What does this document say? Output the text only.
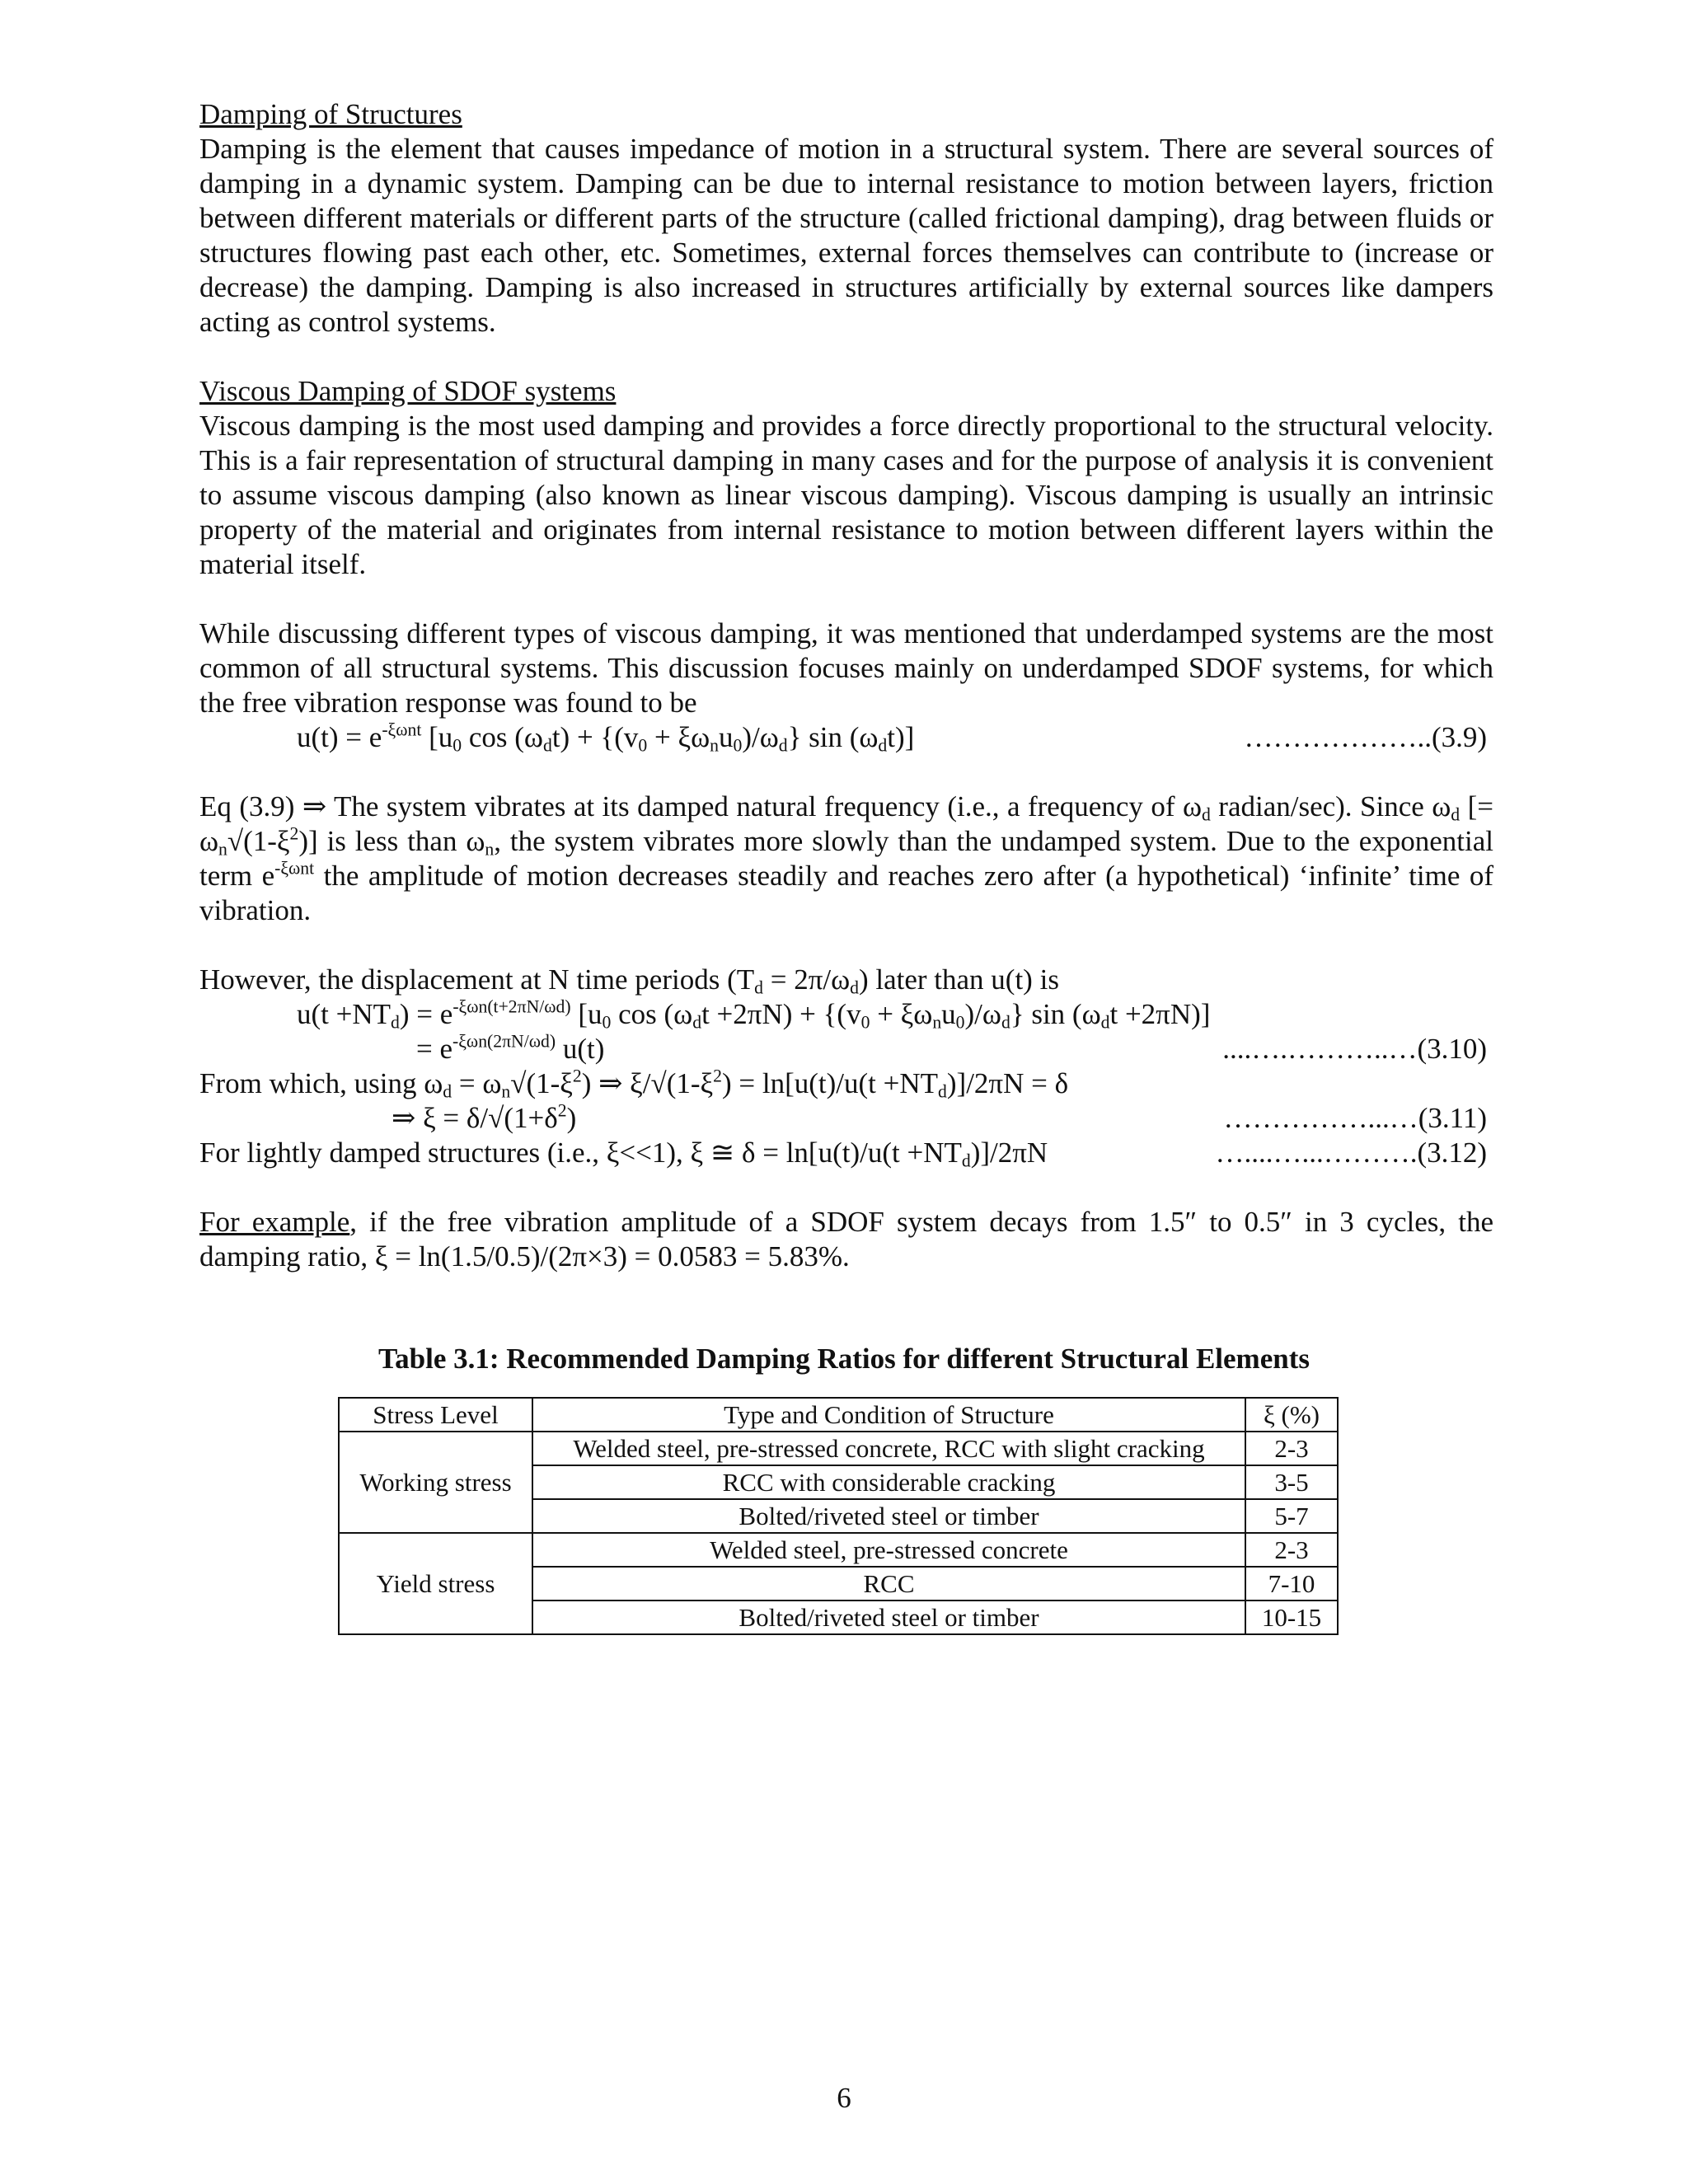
Damping of Structures

Damping is the element that causes impedance of motion in a structural system. There are several sources of damping in a dynamic system. Damping can be due to internal resistance to motion between layers, friction between different materials or different parts of the structure (called frictional damping), drag between fluids or structures flowing past each other, etc. Sometimes, external forces themselves can contribute to (increase or decrease) the damping. Damping is also increased in structures artificially by external sources like dampers acting as control systems.

Viscous Damping of SDOF systems

Viscous damping is the most used damping and provides a force directly proportional to the structural velocity. This is a fair representation of structural damping in many cases and for the purpose of analysis it is convenient to assume viscous damping (also known as linear viscous damping). Viscous damping is usually an intrinsic property of the material and originates from internal resistance to motion between different layers within the material itself.

While discussing different types of viscous damping, it was mentioned that underdamped systems are the most common of all structural systems. This discussion focuses mainly on underdamped SDOF systems, for which the free vibration response was found to be

$u(t) = e^{-\xi\omega nt}$ [$u_0$ $\cos (\omega_dt) + \{(v_0 + \xi\omega_nu_0)/\omega_d\}$ $\sin (\omega_dt)$]	………………..(3.9)

Eq (3.9) ⇒ The system vibrates at its damped natural frequency (i.e., a frequency of $\omega_d$ radian/sec). Since $\omega_d$ [= $\omega_n√(1-\xi^2)$] is less than $\omega_n$, the system vibrates more slowly than the undamped system. Due to the exponential term $e^{-\xi\omega nt}$ the amplitude of motion decreases steadily and reaches zero after (a hypothetical) ‘infinite’ time of vibration.

However, the displacement at N time periods $(T_d = 2\pi/\omega_d)$ later than u(t) is

$u(t +NT_d) = e^{-\xi\omega n(t+2\pi N/\omega d)}$ [$u_0$ $\cos (\omega_dt +2\pi N) + \{(v_0 + \xi\omega_nu_0)/\omega_d\}$ $\sin (\omega_dt +2\pi N)$]
= $e^{-\xi\omega n(2\pi N/\omega d)}$ u(t)	....….………..…(3.10)
From which, using $\omega_d = \omega_n√(1-\xi^2)$ ⇒ $\xi/√(1-\xi^2) = \ln[u(t)/u(t +NT_d)]/2\pi N = \delta$
⇒ $\xi = \delta/√(1+\delta^2)$	……………...…(3.11)
For lightly damped structures (i.e., ξ<<1), ξ ≅ $\delta = \ln[u(t)/u(t +NT_d)]/2\pi N$	…....…...……….(3.12)

For example, if the free vibration amplitude of a SDOF system decays from 1.5″ to 0.5″ in 3 cycles, the damping ratio, ξ = ln(1.5/0.5)/(2π×3) = 0.0583 = 5.83%.

Table 3.1: Recommended Damping Ratios for different Structural Elements

Stress Level	Type and Condition of Structure	ξ (%)
Working stress	Welded steel, pre-stressed concrete, RCC with slight cracking	2-3
	RCC with considerable cracking	3-5
	Bolted/riveted steel or timber	5-7
Yield stress	Welded steel, pre-stressed concrete	2-3
	RCC	7-10
	Bolted/riveted steel or timber	10-15
6
